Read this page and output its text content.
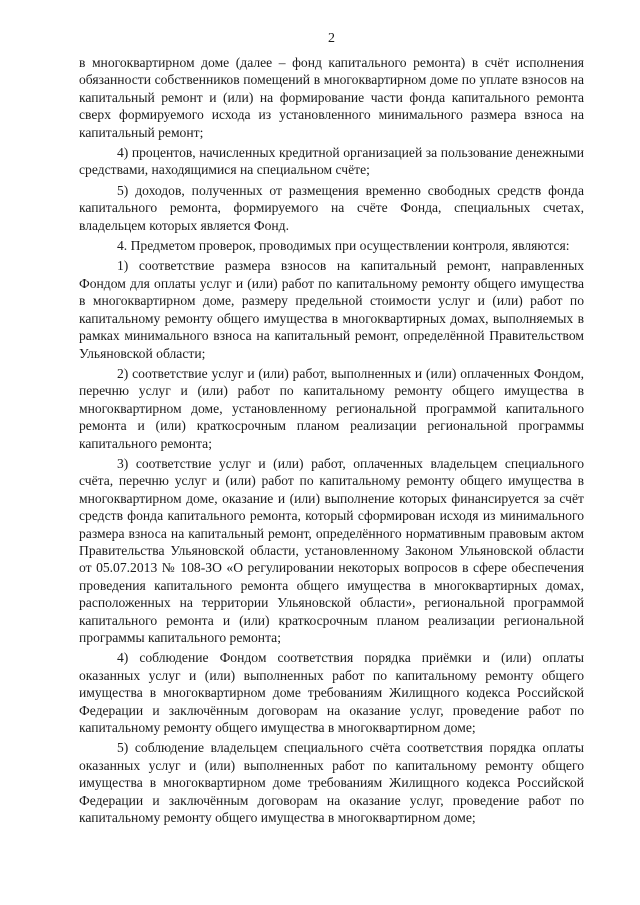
2

в многоквартирном доме (далее – фонд капитального ремонта) в счёт исполнения обязанности собственников помещений в многоквартирном доме по уплате взносов на капитальный ремонт и (или) на формирование части фонда капитального ремонта сверх формируемого исхода из установленного минимального размера взноса на капитальный ремонт;

4) процентов, начисленных кредитной организацией за пользование денежными средствами, находящимися на специальном счёте;

5) доходов, полученных от размещения временно свободных средств фонда капитального ремонта, формируемого на счёте Фонда, специальных счетах, владельцем которых является Фонд.

4. Предметом проверок, проводимых при осуществлении контроля, являются:

1) соответствие размера взносов на капитальный ремонт, направленных Фондом для оплаты услуг и (или) работ по капитальному ремонту общего имущества в многоквартирном доме, размеру предельной стоимости услуг и (или) работ по капитальному ремонту общего имущества в многоквартирных домах, выполняемых в рамках минимального взноса на капитальный ремонт, определённой Правительством Ульяновской области;

2) соответствие услуг и (или) работ, выполненных и (или) оплаченных Фондом, перечню услуг и (или) работ по капитальному ремонту общего имущества в многоквартирном доме, установленному региональной программой капитального ремонта и (или) краткосрочным планом реализации региональной программы капитального ремонта;

3) соответствие услуг и (или) работ, оплаченных владельцем специального счёта, перечню услуг и (или) работ по капитальному ремонту общего имущества в многоквартирном доме, оказание и (или) выполнение которых финансируется за счёт средств фонда капитального ремонта, который сформирован исходя из минимального размера взноса на капитальный ремонт, определённого нормативным правовым актом Правительства Ульяновской области, установленному Законом Ульяновской области от 05.07.2013 № 108-ЗО «О регулировании некоторых вопросов в сфере обеспечения проведения капитального ремонта общего имущества в многоквартирных домах, расположенных на территории Ульяновской области», региональной программой капитального ремонта и (или) краткосрочным планом реализации региональной программы капитального ремонта;

4) соблюдение Фондом соответствия порядка приёмки и (или) оплаты оказанных услуг и (или) выполненных работ по капитальному ремонту общего имущества в многоквартирном доме требованиям Жилищного кодекса Российской Федерации и заключённым договорам на оказание услуг, проведение работ по капитальному ремонту общего имущества в многоквартирном доме;

5) соблюдение владельцем специального счёта соответствия порядка оплаты оказанных услуг и (или) выполненных работ по капитальному ремонту общего имущества в многоквартирном доме требованиям Жилищного кодекса Российской Федерации и заключённым договорам на оказание услуг, проведение работ по капитальному ремонту общего имущества в многоквартирном доме;
